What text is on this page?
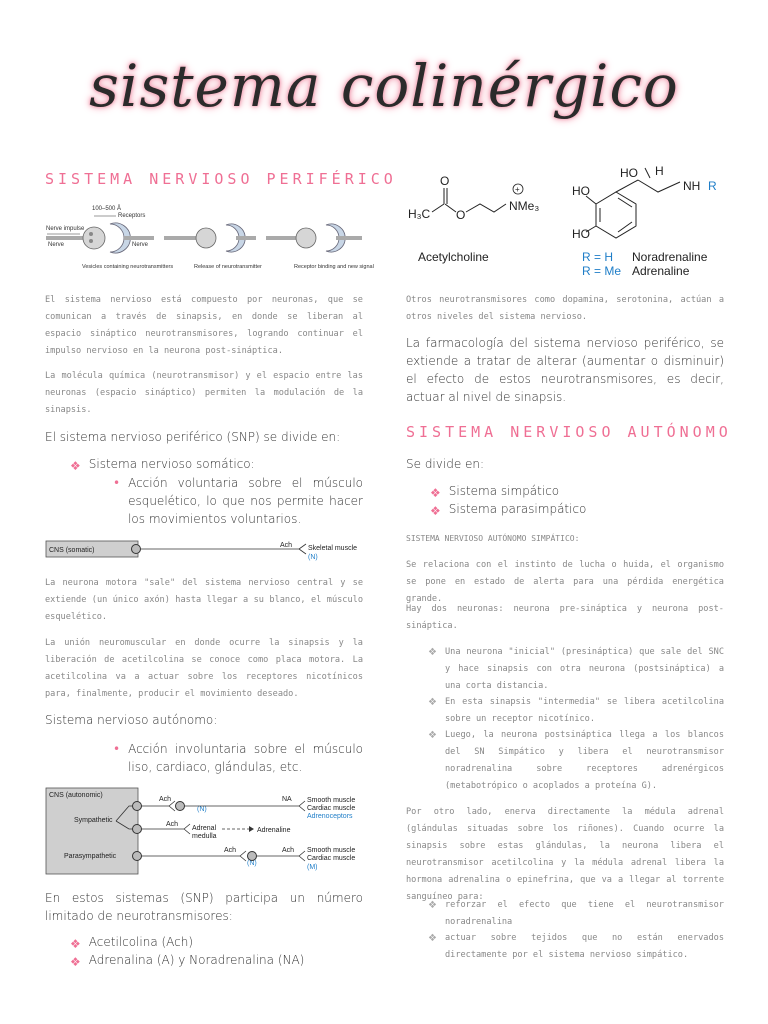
sistema colinérgico
SISTEMA NERVIOSO PERIFÉRICO
100–500 Å
Receptors
Nerve impulse
Nerve	Nerve
Vesicles containing neurotransmitters	Release of neurotransmitter	Receptor binding and new signal
El sistema nervioso está compuesto por neuronas, que se comunican a través de sinapsis, en donde se liberan al espacio sináptico neurotransmisores, logrando continuar el impulso nervioso en la neurona post-sináptica.
La molécula química (neurotransmisor) y el espacio entre las neuronas (espacio sináptico) permiten la modulación de la sinapsis.
El sistema nervioso periférico (SNP) se divide en:
❖ Sistema nervioso somático:
• Acción voluntaria sobre el músculo esquelético, lo que nos permite hacer los movimientos voluntarios.
CNS (somatic)
Ach Skeletal muscle
(N)
La neurona motora "sale" del sistema nervioso central y se extiende (un único axón) hasta llegar a su blanco, el músculo esquelético.
La unión neuromuscular en donde ocurre la sinapsis y la liberación de acetilcolina se conoce como placa motora. La acetilcolina va a actuar sobre los receptores nicotínicos para, finalmente, producir el movimiento deseado.
Sistema nervioso autónomo:
• Acción involuntaria sobre el músculo liso, cardiaco, glándulas, etc.
CNS (autonomic)
Sympathetic
Parasympathetic
Ach
(N)
NA Smooth muscle
Cardiac muscle
Adrenoceptors
Ach
Adrenal
medulla
Adrenaline
Ach
(N)
Ach Smooth muscle
Cardiac muscle
(M)
En estos sistemas (SNP) participa un número limitado de neurotransmisores:
❖ Acetilcolina (Ach)
❖ Adrenalina (A) y Noradrenalina (NA)
H₃C
O
O
NMe₃
+
Acetylcholine
HO
HO
HO H
NH R
R = H
R = Me
Noradrenaline
Adrenaline
Otros neurotransmisores como dopamina, serotonina, actúan a otros niveles del sistema nervioso.
La farmacología del sistema nervioso periférico, se extiende a tratar de alterar (aumentar o disminuir) el efecto de estos neurotransmisores, es decir, actuar al nivel de sinapsis.
SISTEMA NERVIOSO AUTÓNOMO
Se divide en:
❖ Sistema simpático
❖ Sistema parasimpático
SISTEMA NERVIOSO AUTÓNOMO SIMPÁTICO:
Se relaciona con el instinto de lucha o huida, el organismo se pone en estado de alerta para una pérdida energética grande.
Hay dos neuronas: neurona pre-sináptica y neurona post-sináptica.
❖ Una neurona "inicial" (presináptica) que sale del SNC y hace sinapsis con otra neurona (postsináptica) a una corta distancia.
❖ En esta sinapsis "intermedia" se libera acetilcolina sobre un receptor nicotínico.
❖ Luego, la neurona postsináptica llega a los blancos del SN Simpático y libera el neurotransmisor noradrenalina sobre receptores adrenérgicos (metabotrópico o acoplados a proteína G).
Por otro lado, enerva directamente la médula adrenal (glándulas situadas sobre los riñones). Cuando ocurre la sinapsis sobre estas glándulas, la neurona libera el neurotransmisor acetilcolina y la médula adrenal libera la hormona adrenalina o epinefrina, que va a llegar al torrente sanguíneo para:
❖ reforzar el efecto que tiene el neurotransmisor noradrenalina
❖ actuar sobre tejidos que no están enervados directamente por el sistema nervioso simpático.
